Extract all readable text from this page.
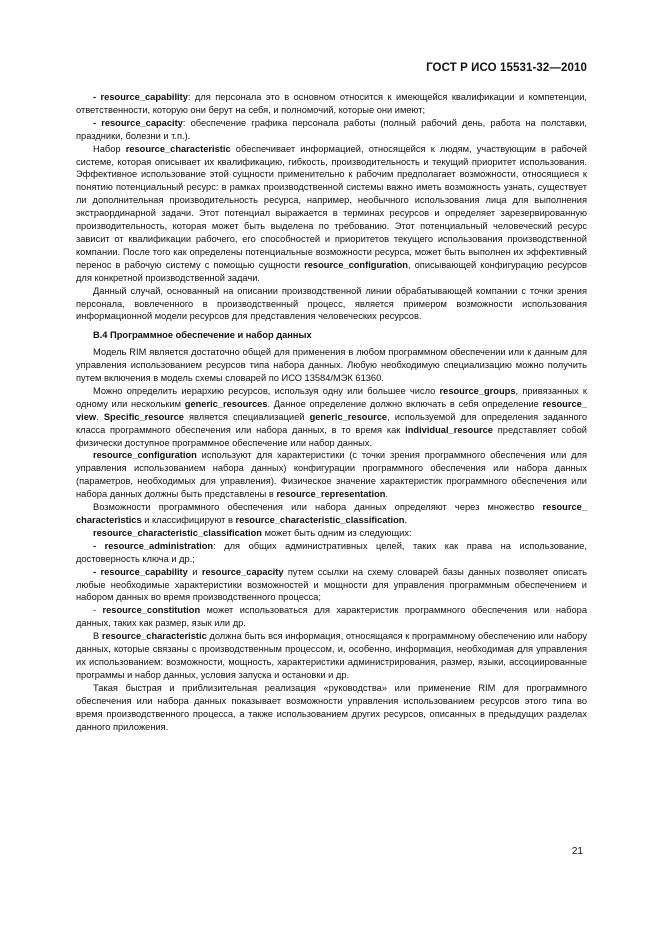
ГОСТ Р ИСО 15531-32—2010

- resource_capability: для персонала это в основном относится к имеющейся квалификации и компетенции, ответственности, которую они берут на себя, и полномочий, которые они имеют;

- resource_capacity: обеспечение графика персонала работы (полный рабочий день, работа на полставки, праздники, болезни и т.п.).

Набор resource_characteristic обеспечивает информацией, относящейся к людям, участвующим в рабочей системе, которая описывает их квалификацию, гибкость, производительность и текущий приоритет использования. Эффективное использование этой сущности применительно к рабочим предполагает возможности, относящиеся к понятию потенциальный ресурс: в рамках производственной системы важно иметь возможность узнать, существует ли дополнительная производительность ресурса, например, необычного использования лица для выполнения экстраординарной задачи. Этот потенциал выражается в терминах ресурсов и определяет зарезервированную производительность, которая может быть выделена по требованию. Этот потенциальный человеческий ресурс зависит от квалификации рабочего, его способностей и приоритетов текущего использования производственной компании. После того как определены потенциальные возможности ресурса, может быть выполнен их эффективный перенос в рабочую систему с помощью сущности resource_configuration, описывающей конфигурацию ресурсов для конкретной производственной задачи.

Данный случай, основанный на описании производственной линии обрабатывающей компании с точки зрения персонала, вовлеченного в производственный процесс, является примером возможности использования информационной модели ресурсов для представления человеческих ресурсов.

В.4 Программное обеспечение и набор данных

Модель RIM является достаточно общей для применения в любом программном обеспечении или к данным для управления использованием ресурсов типа набора данных. Любую необходимую специализацию можно получить путем включения в модель схемы словарей по ИСО 13584/МЭК 61360.

Можно определить иерархию ресурсов, используя одну или большее число resource_groups, привязанных к одному или нескольким generic_resources. Данное определение должно включать в себя определение resource_ view. Specific_resource является специализацией generic_resource, используемой для определения заданного класса программного обеспечения или набора данных, в то время как individual_resource представляет собой физически доступное программное обеспечение или набор данных.

resource_configuration используют для характеристики (с точки зрения программного обеспечения или для управления использованием набора данных) конфигурации программного обеспечения или набора данных (параметров, необходимых для управления). Физическое значение характеристик программного обеспечения или набора данных должны быть представлены в resource_representation.

Возможности программного обеспечения или набора данных определяют через множество resource_ characteristics и классифицируют в resource_characteristic_classification.

resource_characteristic_classification может быть одним из следующих:

- resource_administration: для общих административных целей, таких как права на использование, достоверность ключа и др.;

- resource_capability и resource_capacity путем ссылки на схему словарей базы данных позволяет описать любые необходимые характеристики возможностей и мощности для управления программным обеспечением и набором данных во время производственного процесса;

- resource_constitution может использоваться для характеристик программного обеспечения или набора данных, таких как размер, язык или др.

В resource_characteristic должна быть вся информация, относящаяся к программному обеспечению или набору данных, которые связаны с производственным процессом, и, особенно, информация, необходимая для управления их использованием: возможности, мощность, характеристики администрирования, размер, языки, ассоциированные программы и набор данных, условия запуска и остановки и др.

Такая быстрая и приблизительная реализация «руководства» или применение RIM для программного обеспечения или набора данных показывает возможности управления использованием ресурсов этого типа во время производственного процесса, а также использованием других ресурсов, описанных в предыдущих разделах данного приложения.

21
